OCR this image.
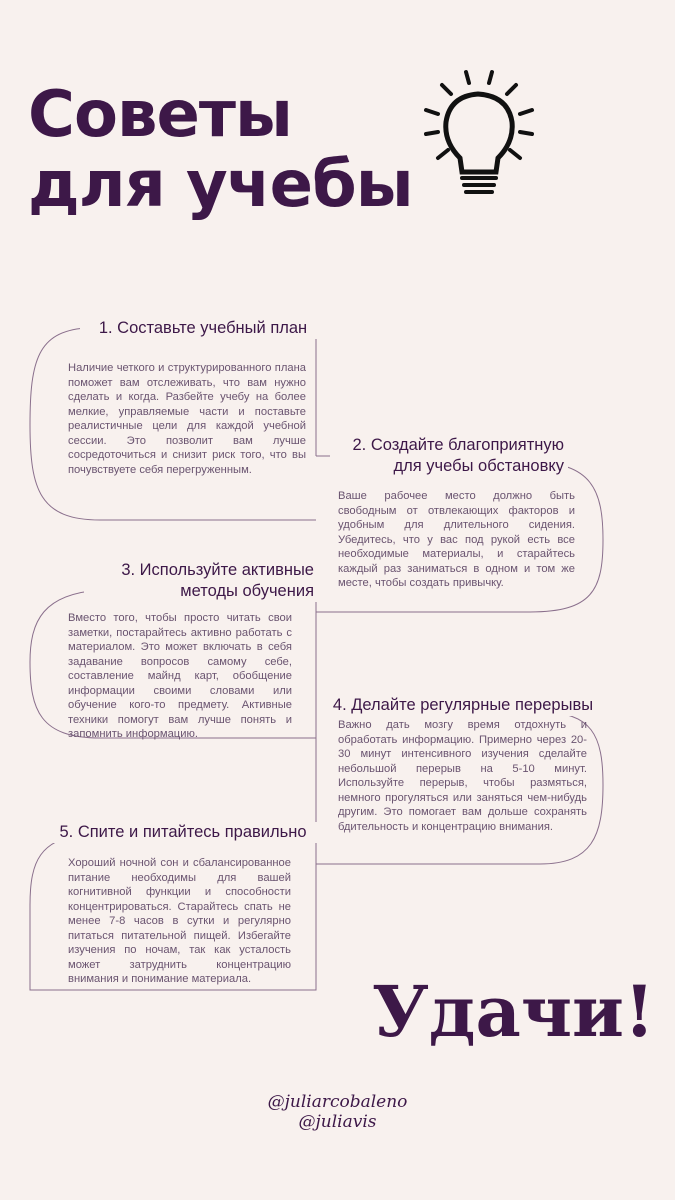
Советы
для учебы
1. Составьте учебный план

Наличие четкого и структурированного плана поможет вам отслеживать, что вам нужно сделать и когда. Разбейте учебу на более мелкие, управляемые части и поставьте реалистичные цели для каждой учебной сессии. Это позволит вам лучше сосредоточиться и снизит риск того, что вы почувствуете себя перегруженным.

2. Создайте благоприятную
для учебы обстановку

Ваше рабочее место должно быть свободным от отвлекающих факторов и удобным для длительного сидения. Убедитесь, что у вас под рукой есть все необходимые материалы, и старайтесь каждый раз заниматься в одном и том же месте, чтобы создать привычку.

3. Используйте активные
методы обучения

Вместо того, чтобы просто читать свои заметки, постарайтесь активно работать с материалом. Это может включать в себя задавание вопросов самому себе, составление майнд карт, обобщение информации своими словами или обучение кого-то предмету. Активные техники помогут вам лучше понять и запомнить информацию.

4. Делайте регулярные перерывы

Важно дать мозгу время отдохнуть и обработать информацию. Примерно через 20-30 минут интенсивного изучения сделайте небольшой перерыв на 5-10 минут. Используйте перерыв, чтобы размяться, немного прогуляться или заняться чем-нибудь другим. Это помогает вам дольше сохранять бдительность и концентрацию внимания.

5. Спите и питайтесь правильно

Хороший ночной сон и сбалансированное питание необходимы для вашей когнитивной функции и способности концентрироваться. Старайтесь спать не менее 7-8 часов в сутки и регулярно питаться питательной пищей. Избегайте изучения по ночам, так как усталость может затруднить концентрацию внимания и понимание материала.	Удачи!
@juliarcobaleno
@juliavis
